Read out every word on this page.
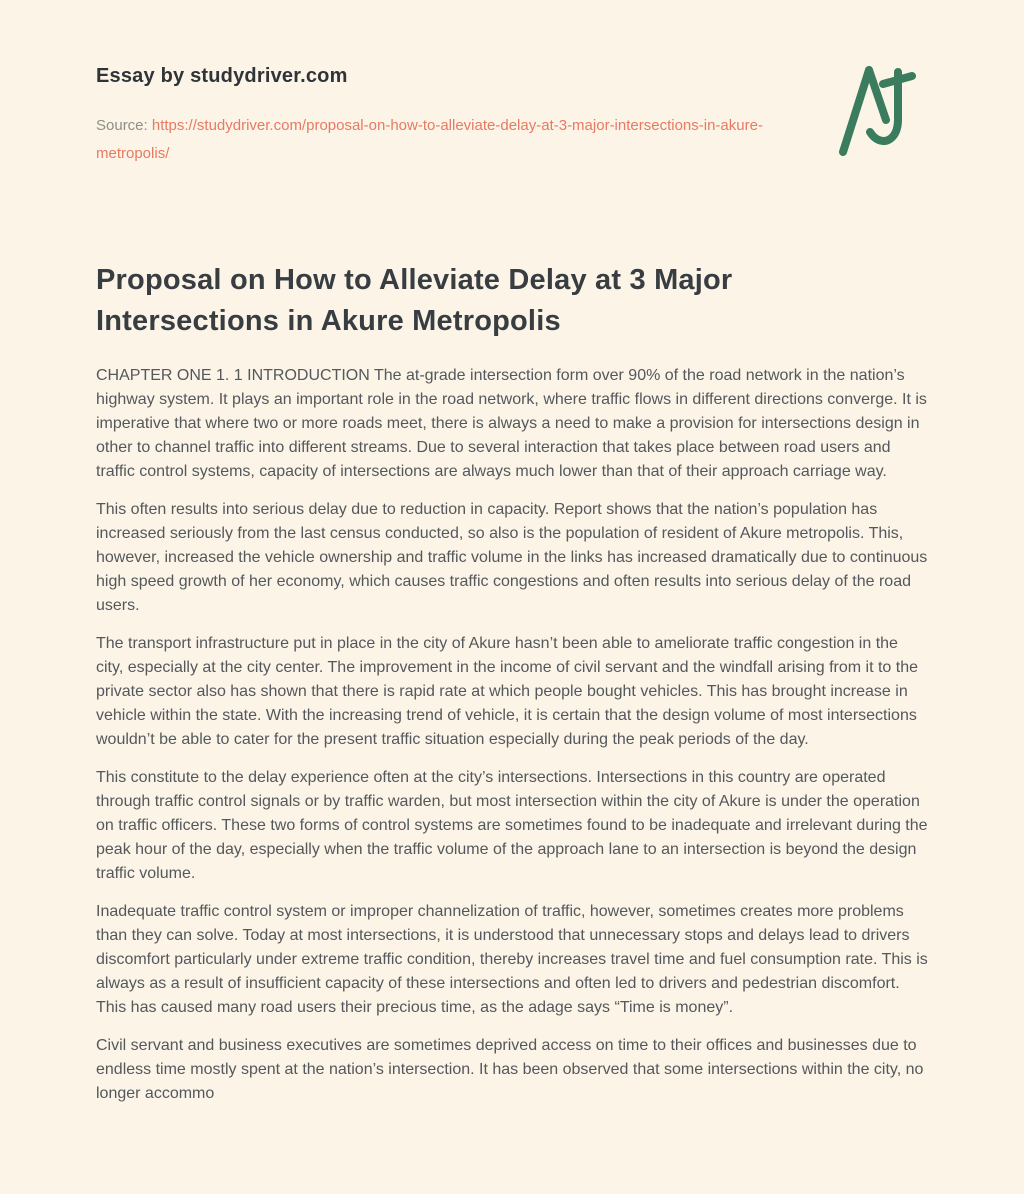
Essay by studydriver.com
Source: https://studydriver.com/proposal-on-how-to-alleviate-delay-at-3-major-intersections-in-akure-metropolis/
Proposal on How to Alleviate Delay at 3 Major Intersections in Akure Metropolis

CHAPTER ONE 1. 1 INTRODUCTION The at-grade intersection form over 90% of the road network in the nation’s highway system. It plays an important role in the road network, where traffic flows in different directions converge. It is imperative that where two or more roads meet, there is always a need to make a provision for intersections design in other to channel traffic into different streams. Due to several interaction that takes place between road users and traffic control systems, capacity of intersections are always much lower than that of their approach carriage way.

This often results into serious delay due to reduction in capacity. Report shows that the nation’s population has increased seriously from the last census conducted, so also is the population of resident of Akure metropolis. This, however, increased the vehicle ownership and traffic volume in the links has increased dramatically due to continuous high speed growth of her economy, which causes traffic congestions and often results into serious delay of the road users.

The transport infrastructure put in place in the city of Akure hasn’t been able to ameliorate traffic congestion in the city, especially at the city center. The improvement in the income of civil servant and the windfall arising from it to the private sector also has shown that there is rapid rate at which people bought vehicles. This has brought increase in vehicle within the state. With the increasing trend of vehicle, it is certain that the design volume of most intersections wouldn’t be able to cater for the present traffic situation especially during the peak periods of the day.

This constitute to the delay experience often at the city’s intersections. Intersections in this country are operated through traffic control signals or by traffic warden, but most intersection within the city of Akure is under the operation on traffic officers. These two forms of control systems are sometimes found to be inadequate and irrelevant during the peak hour of the day, especially when the traffic volume of the approach lane to an intersection is beyond the design traffic volume.

Inadequate traffic control system or improper channelization of traffic, however, sometimes creates more problems than they can solve. Today at most intersections, it is understood that unnecessary stops and delays lead to drivers discomfort particularly under extreme traffic condition, thereby increases travel time and fuel consumption rate. This is always as a result of insufficient capacity of these intersections and often led to drivers and pedestrian discomfort. This has caused many road users their precious time, as the adage says “Time is money”.

Civil servant and business executives are sometimes deprived access on time to their offices and businesses due to endless time mostly spent at the nation’s intersection. It has been observed that some intersections within the city, no longer accommo
